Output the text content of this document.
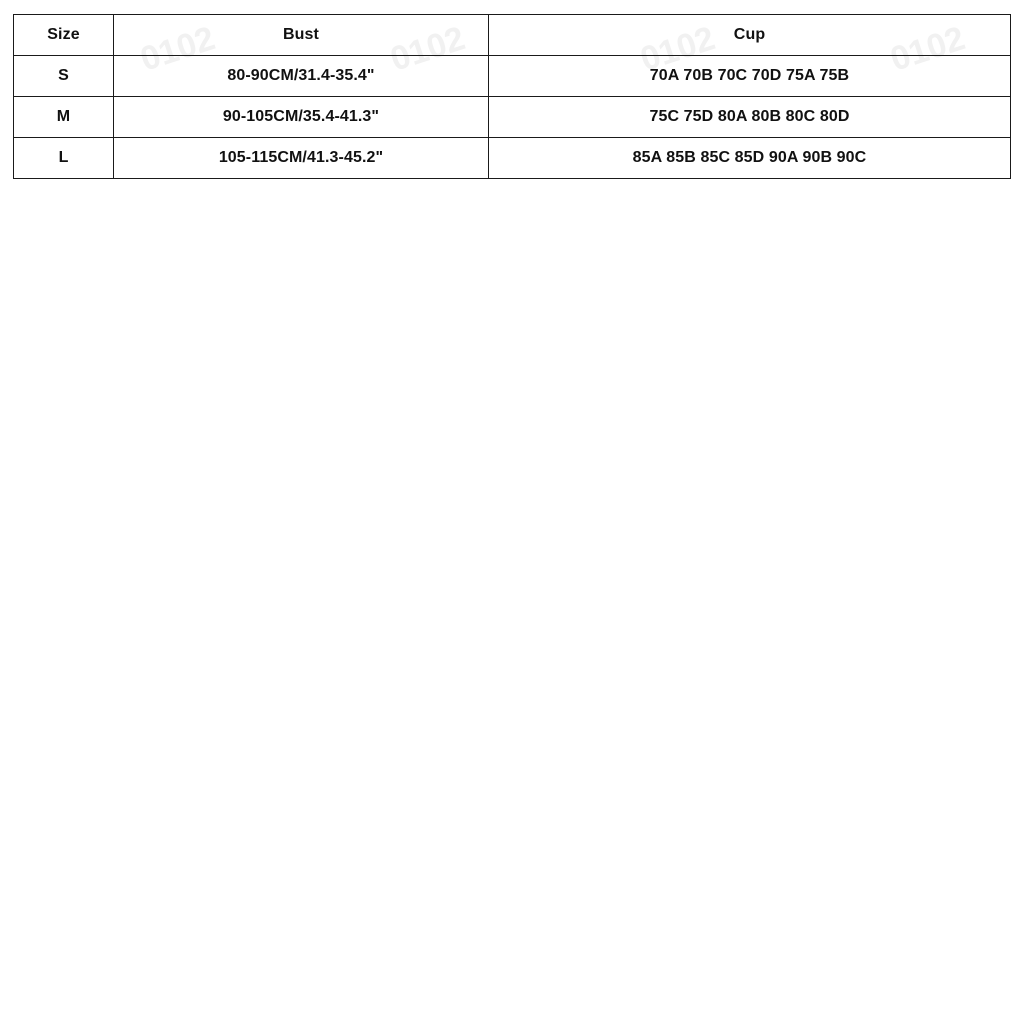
0102	0102	0102	0102
Size	Bust	Cup
S	80-90CM/31.4-35.4"	70A 70B 70C 70D 75A 75B
M	90-105CM/35.4-41.3"	75C 75D 80A 80B 80C 80D
L	105-115CM/41.3-45.2"	85A 85B 85C 85D 90A 90B 90C
